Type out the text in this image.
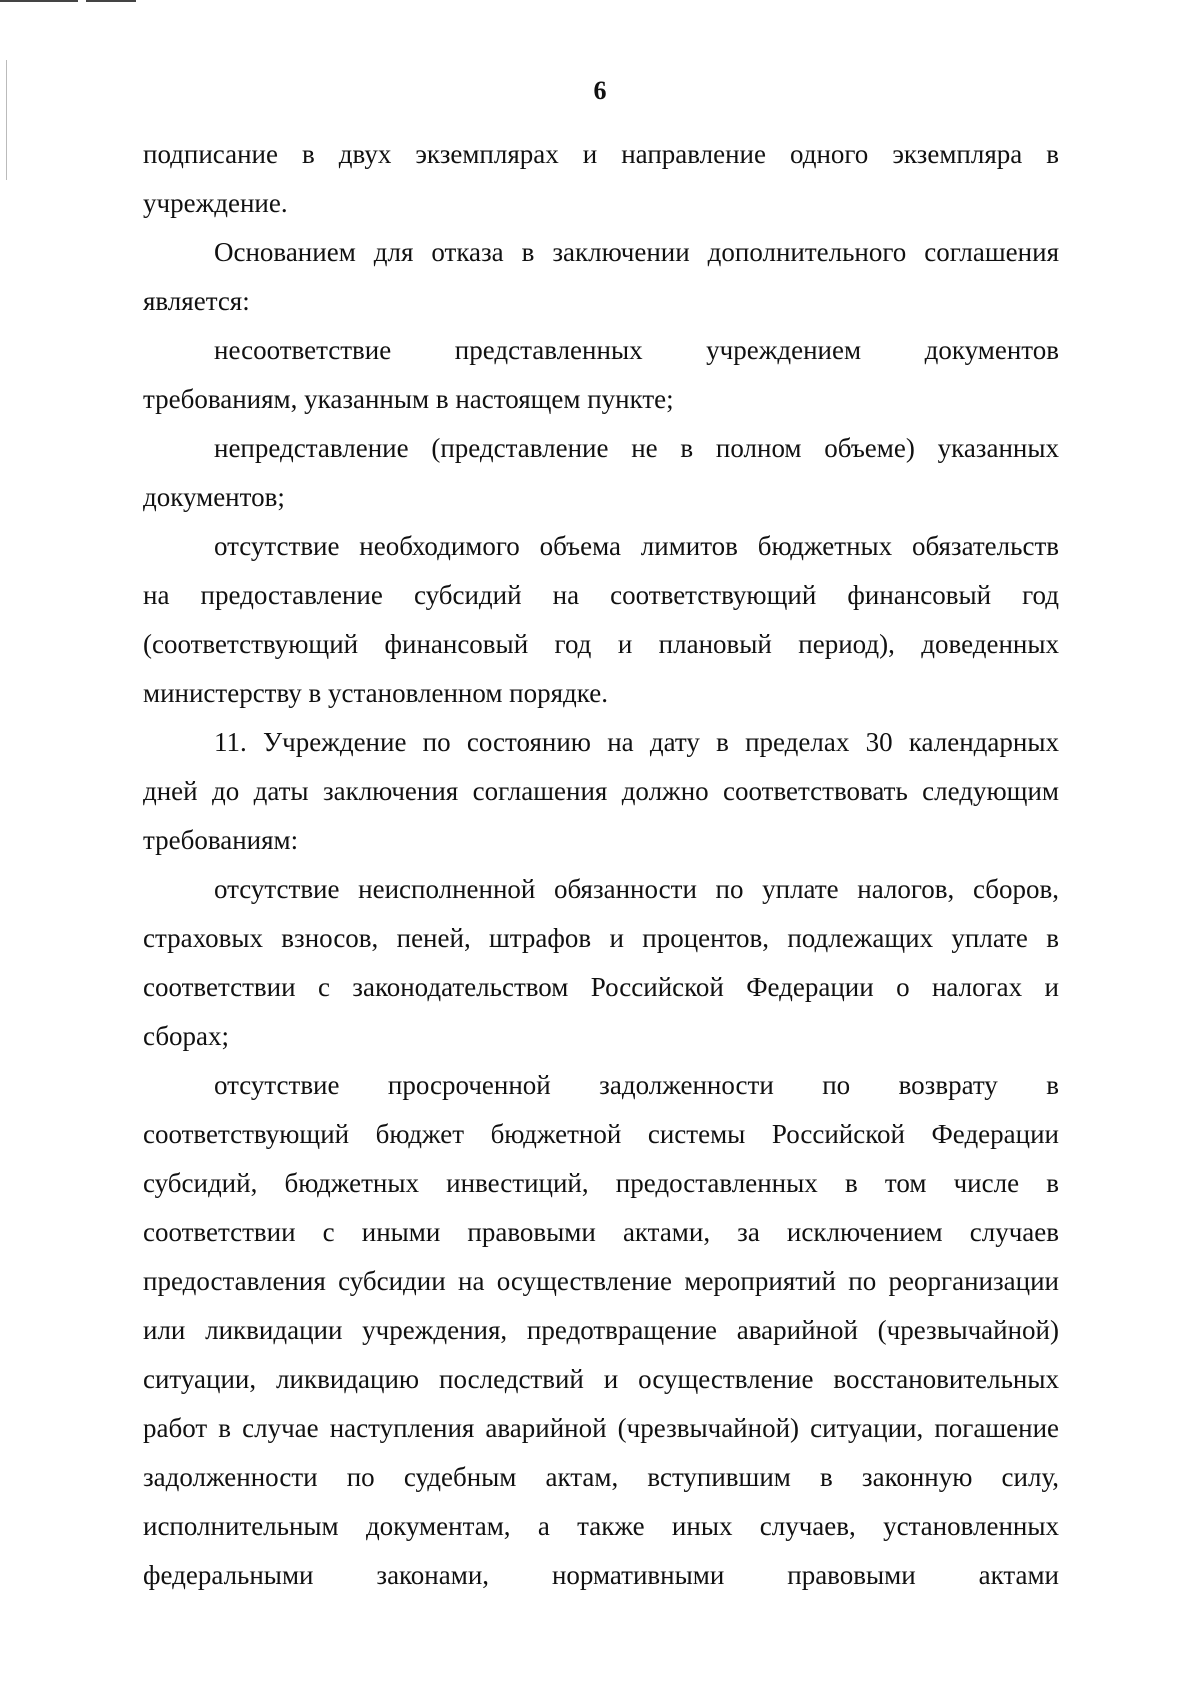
6
подписание в двух экземплярах и направление одного экземпляра в
учреждение.
Основанием для отказа в заключении дополнительного соглашения
является:
несоответствие представленных учреждением документов
требованиям, указанным в настоящем пункте;
непредставление (представление не в полном объеме) указанных
документов;
отсутствие необходимого объема лимитов бюджетных обязательств
на предоставление субсидий на соответствующий финансовый год
(соответствующий финансовый год и плановый период), доведенных
министерству в установленном порядке.
11. Учреждение по состоянию на дату в пределах 30 календарных
дней до даты заключения соглашения должно соответствовать следующим
требованиям:
отсутствие неисполненной обязанности по уплате налогов, сборов,
страховых взносов, пеней, штрафов и процентов, подлежащих уплате в
соответствии с законодательством Российской Федерации о налогах и
сборах;
отсутствие просроченной задолженности по возврату в
соответствующий бюджет бюджетной системы Российской Федерации
субсидий, бюджетных инвестиций, предоставленных в том числе в
соответствии с иными правовыми актами, за исключением случаев
предоставления субсидии на осуществление мероприятий по реорганизации
или ликвидации учреждения, предотвращение аварийной (чрезвычайной)
ситуации, ликвидацию последствий и осуществление восстановительных
работ в случае наступления аварийной (чрезвычайной) ситуации, погашение
задолженности по судебным актам, вступившим в законную силу,
исполнительным документам, а также иных случаев, установленных
федеральными законами, нормативными правовыми актами
